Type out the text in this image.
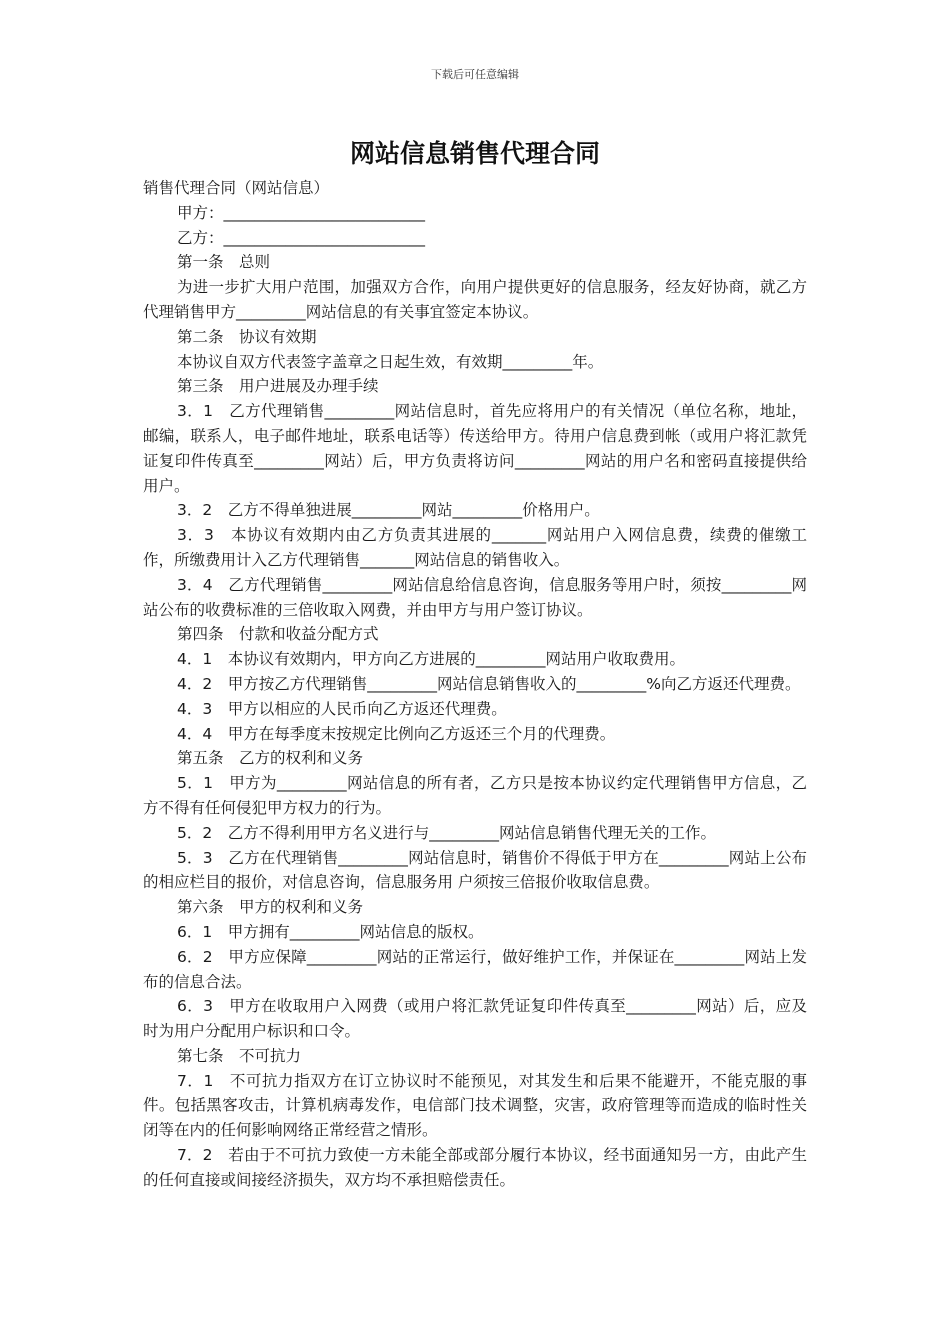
下载后可任意编辑
网站信息销售代理合同

销售代理合同（网站信息）

甲方：__________________________

乙方：__________________________

第一条　总则

为进一步扩大用户范围，加强双方合作，向用户提供更好的信息服务，经友好协商，就乙方代理销售甲方_________网站信息的有关事宜签定本协议。

第二条　协议有效期

本协议自双方代表签字盖章之日起生效，有效期_________年。

第三条　用户进展及办理手续

3．1　乙方代理销售_________网站信息时，首先应将用户的有关情况（单位名称，地址，邮编，联系人，电子邮件地址，联系电话等）传送给甲方。待用户信息费到帐（或用户将汇款凭证复印件传真至_________网站）后，甲方负责将访问_________网站的用户名和密码直接提供给用户。

3．2　乙方不得单独进展_________网站_________价格用户。

3．3　本协议有效期内由乙方负责其进展的_______网站用户入网信息费，续费的催缴工作，所缴费用计入乙方代理销售_______网站信息的销售收入。

3．4　乙方代理销售_________网站信息给信息咨询，信息服务等用户时，须按_________网站公布的收费标准的三倍收取入网费，并由甲方与用户签订协议。

第四条　付款和收益分配方式

4．1　本协议有效期内，甲方向乙方进展的_________网站用户收取费用。

4．2　甲方按乙方代理销售_________网站信息销售收入的_________%向乙方返还代理费。

4．3　甲方以相应的人民币向乙方返还代理费。

4．4　甲方在每季度末按规定比例向乙方返还三个月的代理费。

第五条　乙方的权利和义务

5．1　甲方为_________网站信息的所有者，乙方只是按本协议约定代理销售甲方信息，乙方不得有任何侵犯甲方权力的行为。

5．2　乙方不得利用甲方名义进行与_________网站信息销售代理无关的工作。

5．3　乙方在代理销售_________网站信息时，销售价不得低于甲方在_________网站上公布的相应栏目的报价，对信息咨询，信息服务用 户须按三倍报价收取信息费。

第六条　甲方的权利和义务

6．1　甲方拥有_________网站信息的版权。

6．2　甲方应保障_________网站的正常运行，做好维护工作，并保证在_________网站上发布的信息合法。

6．3　甲方在收取用户入网费（或用户将汇款凭证复印件传真至_________网站）后，应及时为用户分配用户标识和口令。

第七条　不可抗力

7．1　不可抗力指双方在订立协议时不能预见，对其发生和后果不能避开，不能克服的事件。包括黑客攻击，计算机病毒发作，电信部门技术调整，灾害，政府管理等而造成的临时性关闭等在内的任何影响网络正常经营之情形。

7．2　若由于不可抗力致使一方未能全部或部分履行本协议，经书面通知另一方，由此产生的任何直接或间接经济损失，双方均不承担赔偿责任。
